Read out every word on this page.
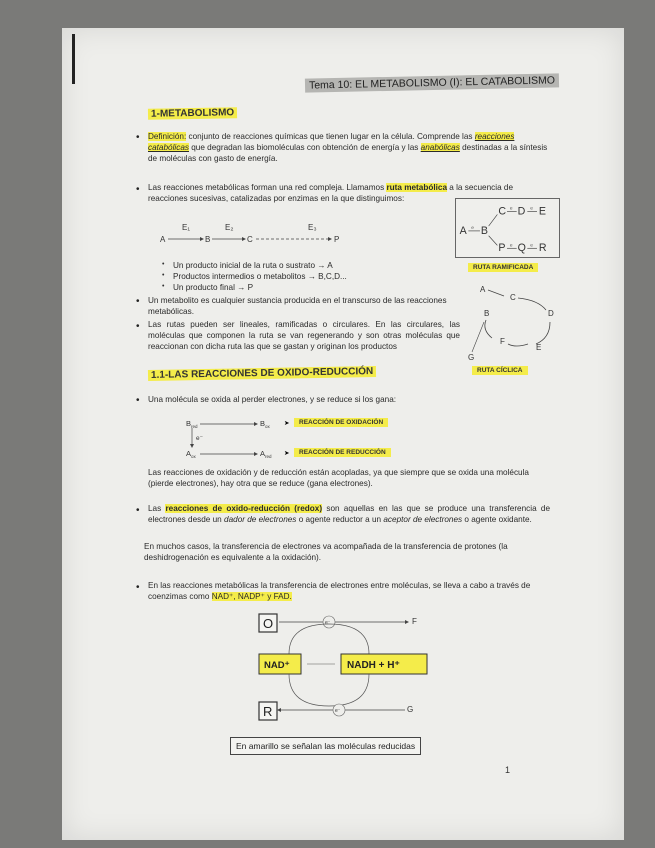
Tema 10: EL METABOLISMO (I): EL CATABOLISMO
1-METABOLISMO
• Definición: conjunto de reacciones químicas que tienen lugar en la célula. Comprende las reacciones catabólicas que degradan las biomoléculas con obtención de energía y las anabólicas destinadas a la síntesis de moléculas con gasto de energía.
• Las reacciones metabólicas forman una red compleja. Llamamos ruta metabólica a la secuencia de reacciones sucesivas, catalizadas por enzimas en la que distinguimos:
E₁	E₂	E₃
A	B	C	P
• Un producto inicial de la ruta o sustrato → A
• Productos intermedios o metabolitos → B,C,D...
• Un producto final → P
• Un metabolito es cualquier sustancia producida en el transcurso de las reacciones metabólicas.
• Las rutas pueden ser lineales, ramificadas o circulares. En las circulares, las moléculas que componen la ruta se van regenerando y son otras moléculas que reaccionan con dicha ruta las que se gastan y originan los productos
A B
C D E
P Q R
e
e	e
e	e
RUTA RAMIFICADA
A
C
B	D
F
E
G
RUTA CÍCLICA
1.1-LAS REACCIONES DE OXIDO-REDUCCIÓN
• Una molécula se oxida al perder electrones, y se reduce si los gana:
$B_{red}$	$B_{ox}$
e⁻
$A_{ox}$	$A_{red}$
➤	REACCIÓN DE OXIDACIÓN
➤	REACCIÓN DE REDUCCIÓN
Las reacciones de oxidación y de reducción están acopladas, ya que siempre que se oxida una molécula (pierde electrones), hay otra que se reduce (gana electrones).
• Las reacciones de oxido-reducción (redox) son aquellas en las que se produce una transferencia de electrones desde un dador de electrones o agente reductor a un aceptor de electrones o agente oxidante.
En muchos casos, la transferencia de electrones va acompañada de la transferencia de protones (la deshidrogenación es equivalente a la oxidación).
• En las reacciones metabólicas la transferencia de electrones entre moléculas, se lleva a cabo a través de coenzimas como NAD⁺, NADP⁺ y FAD.
O	F
e⁻
NAD⁺	NADH + H⁺
R	G
e⁻
En amarillo se señalan las moléculas reducidas
1
